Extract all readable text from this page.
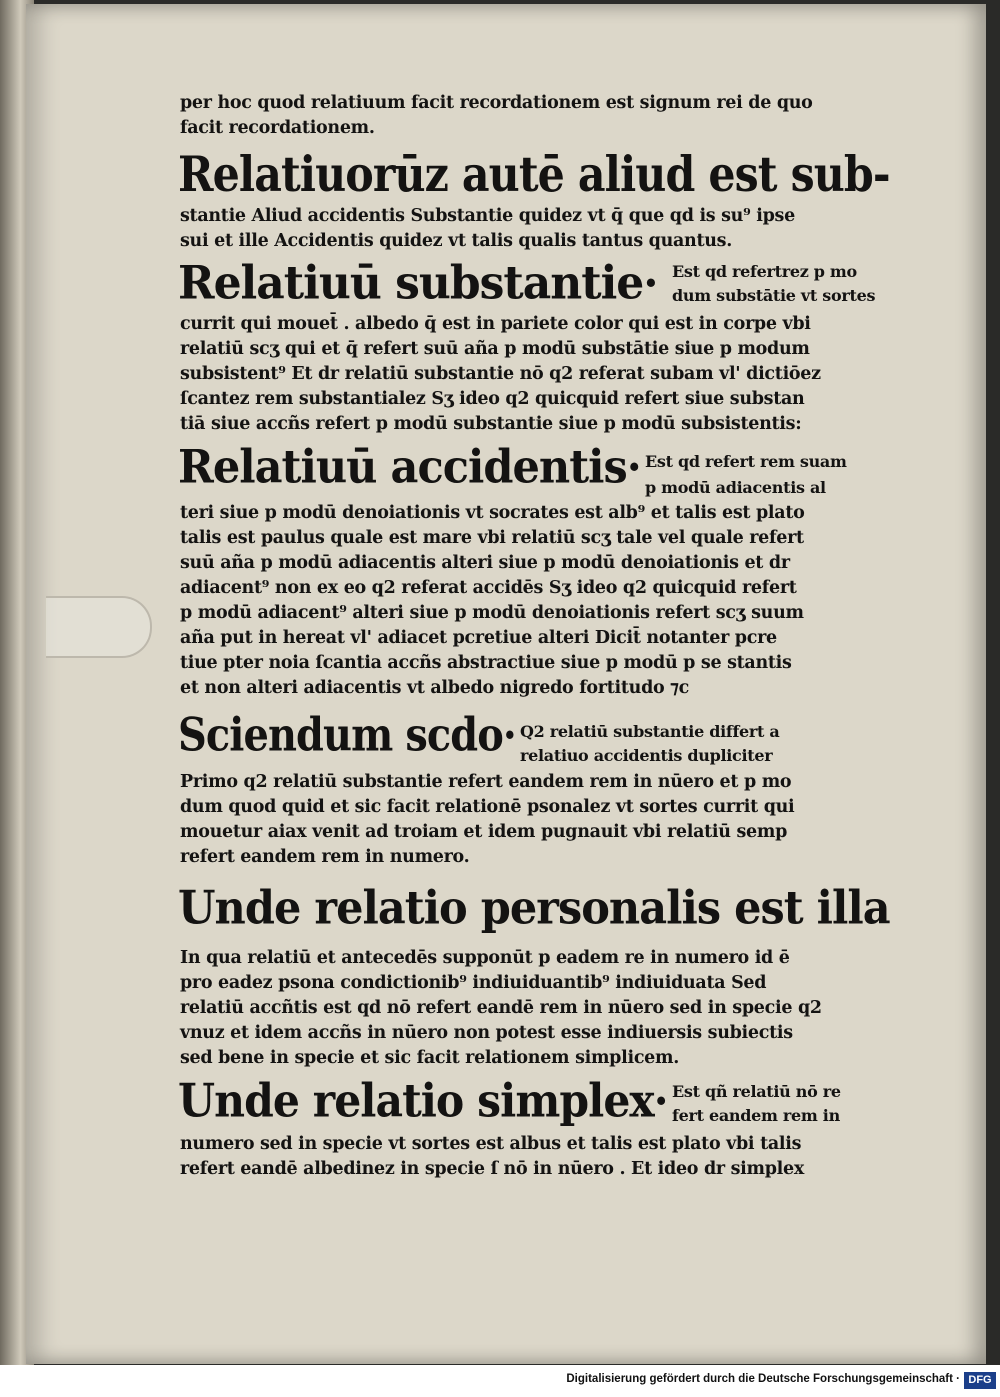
per hoc quod relatiuum facit recordationem est signum rei de quo
facit recordationem.
Relatiuorūz autē aliud est sub-
stantie Aliud accidentis Substantie quidez vt q̄ que qd is su⁹ ipse
sui et ille Accidentis quidez vt talis qualis tantus quantus.
Relatiuū substantie· Est qd refertrez p mo
dum substātie vt sortes
currit qui mouet̄ . albedo q̄ est in pariete color qui est in corpe vbi
relatiū scʒ qui et q̄ refert suū aña p modū substātie siue p modum
subsistent⁹ Et dr relatiū substantie nō q2 referat subam vl' dictiōez
ſcantez rem substantialez Sʒ ideo q2 quicquid refert siue substan
tiā siue accñs refert p modū substantie siue p modū subsistentis:
Relatiuū accidentis· Est qd refert rem suam
p modū adiacentis al
teri siue p modū denoiationis vt socrates est alb⁹ et talis est plato
talis est paulus quale est mare vbi relatiū scʒ tale vel quale refert
suū aña p modū adiacentis alteri siue p modū denoiationis et dr
adiacent⁹ non ex eo q2 referat accidēs Sʒ ideo q2 quicquid refert
p modū adiacent⁹ alteri siue p modū denoiationis refert scʒ suum
aña put in hereat vl' adiacet pcretiue alteri Dicit̄ notanter pcre
tiue pter noia ſcantia accñs abstractiue siue p modū p se stantis
et non alteri adiacentis vt albedo nigredo fortitudo ⁊c
Sciendum scdo· Q2 relatiū substantie differt a
relatiuo accidentis dupliciter
Primo q2 relatiū substantie refert eandem rem in nūero et p mo
dum quod quid et sic facit relationē psonalez vt sortes currit qui
mouetur aiax venit ad troiam et idem pugnauit vbi relatiū semp
refert eandem rem in numero.
Unde relatio personalis est illa
In qua relatiū et antecedēs supponūt p eadem re in numero id ē
pro eadez psona condictionib⁹ indiuiduantib⁹ indiuiduata Sed
relatiū accñtis est qd nō refert eandē rem in nūero sed in specie q2
vnuz et idem accñs in nūero non potest esse indiuersis subiectis
sed bene in specie et sic facit relationem simplicem.
Unde relatio simplex· Est qñ relatiū nō re
fert eandem rem in
numero sed in specie vt sortes est albus et talis est plato vbi talis
refert eandē albedinez in specie ſ nō in nūero . Et ideo dr simplex
Digitalisierung gefördert durch die Deutsche Forschungsgemeinschaft · DFG
